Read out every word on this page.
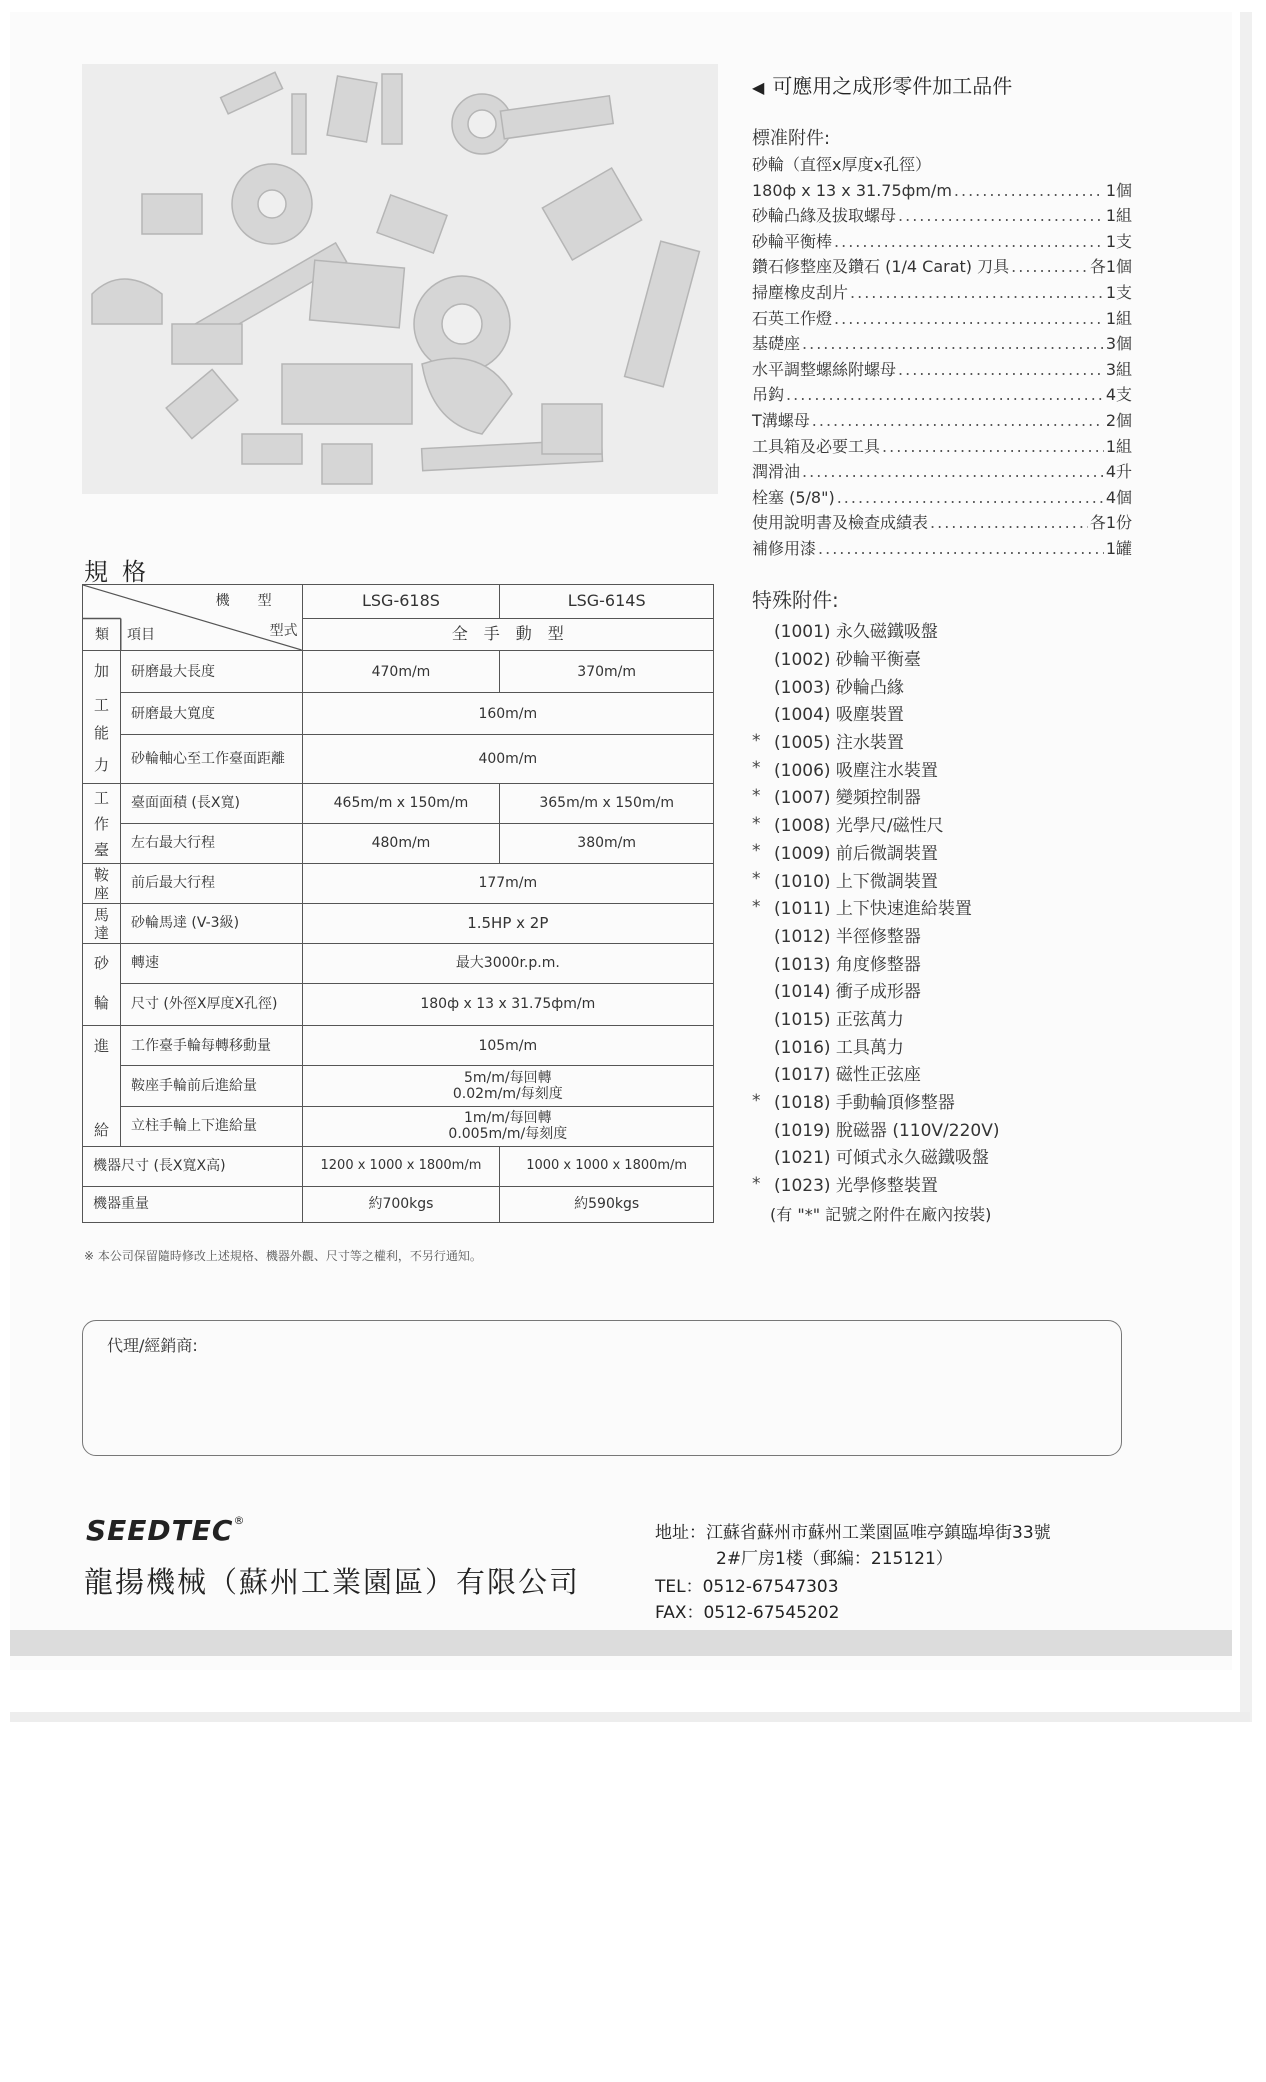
◀ 可應用之成形零件加工品件
標准附件:
砂輪（直徑x厚度x孔徑）
180ф x 13 x 31.75фm/m .....	1個
砂輪凸緣及拔取螺母 .....	1組
砂輪平衡棒 .....	1支
鑽石修整座及鑽石 (1/4 Carat) 刀具 .....	各1個
掃塵橡皮刮片 .....	1支
石英工作燈 .....	1組
基礎座 .....	3個
水平調整螺絲附螺母 .....	3組
吊鈎 .....	4支
T溝螺母 .....	2個
工具箱及必要工具 .....	1組
潤滑油 .....	4升
栓塞 (5/8") .....	4個
使用說明書及檢查成績表 .....	各1份
補修用漆 .....	1罐
特殊附件:
(1001) 永久磁鐵吸盤
(1002) 砂輪平衡臺
(1003) 砂輪凸緣
(1004) 吸塵裝置
* (1005) 注水裝置
* (1006) 吸塵注水裝置
* (1007) 變頻控制器
* (1008) 光學尺/磁性尺
* (1009) 前后微調裝置
* (1010) 上下微調裝置
* (1011) 上下快速進給裝置
(1012) 半徑修整器
(1013) 角度修整器
(1014) 衝子成形器
(1015) 正弦萬力
(1016) 工具萬力
(1017) 磁性正弦座
* (1018) 手動輪頂修整器
(1019) 脫磁器 (110V/220V)
(1021) 可傾式永久磁鐵吸盤
* (1023) 光學修整裝置
(有 "*" 記號之附件在廠內按裝)
規格
機　　型
型式
類 項目		LSG-618S	LSG-614S
		全　手　動　型	

加
工
能
力	研磨最大長度	470m/m	370m/m
	研磨最大寬度	160m/m	
	砂輪軸心至工作臺面距離	400m/m	

工
作
臺	臺面面積 (長X寬)	465m/m x 150m/m	365m/m x 150m/m
	左右最大行程	480m/m	380m/m

鞍
座	前后最大行程	177m/m	

馬
達	砂輪馬達 (V-3級)	1.5HP x 2P	

砂
輪	轉速	最大3000r.p.m.	
	尺寸 (外徑X厚度X孔徑)	180ф x 13 x 31.75фm/m	

進
給	工作臺手輪每轉移動量	105m/m	
	鞍座手輪前后進給量	5m/m/每回轉
0.02m/m/每刻度	

	立柱手輪上下進給量	1m/m/每回轉
0.005m/m/每刻度	

機器尺寸 (長X寬X高)		1200 x 1000 x 1800m/m	1000 x 1000 x 1800m/m
機器重量		約700kgs	約590kgs
※ 本公司保留隨時修改上述規格、機器外觀、尺寸等之權利，不另行通知。
代理/經銷商:
SEEDTEC®
龍揚機械（蘇州工業園區）有限公司
地址：江蘇省蘇州市蘇州工業園區唯亭鎮臨埠街33號
2#厂房1楼（郵編：215121）
TEL：0512-67547303
FAX：0512-67545202
